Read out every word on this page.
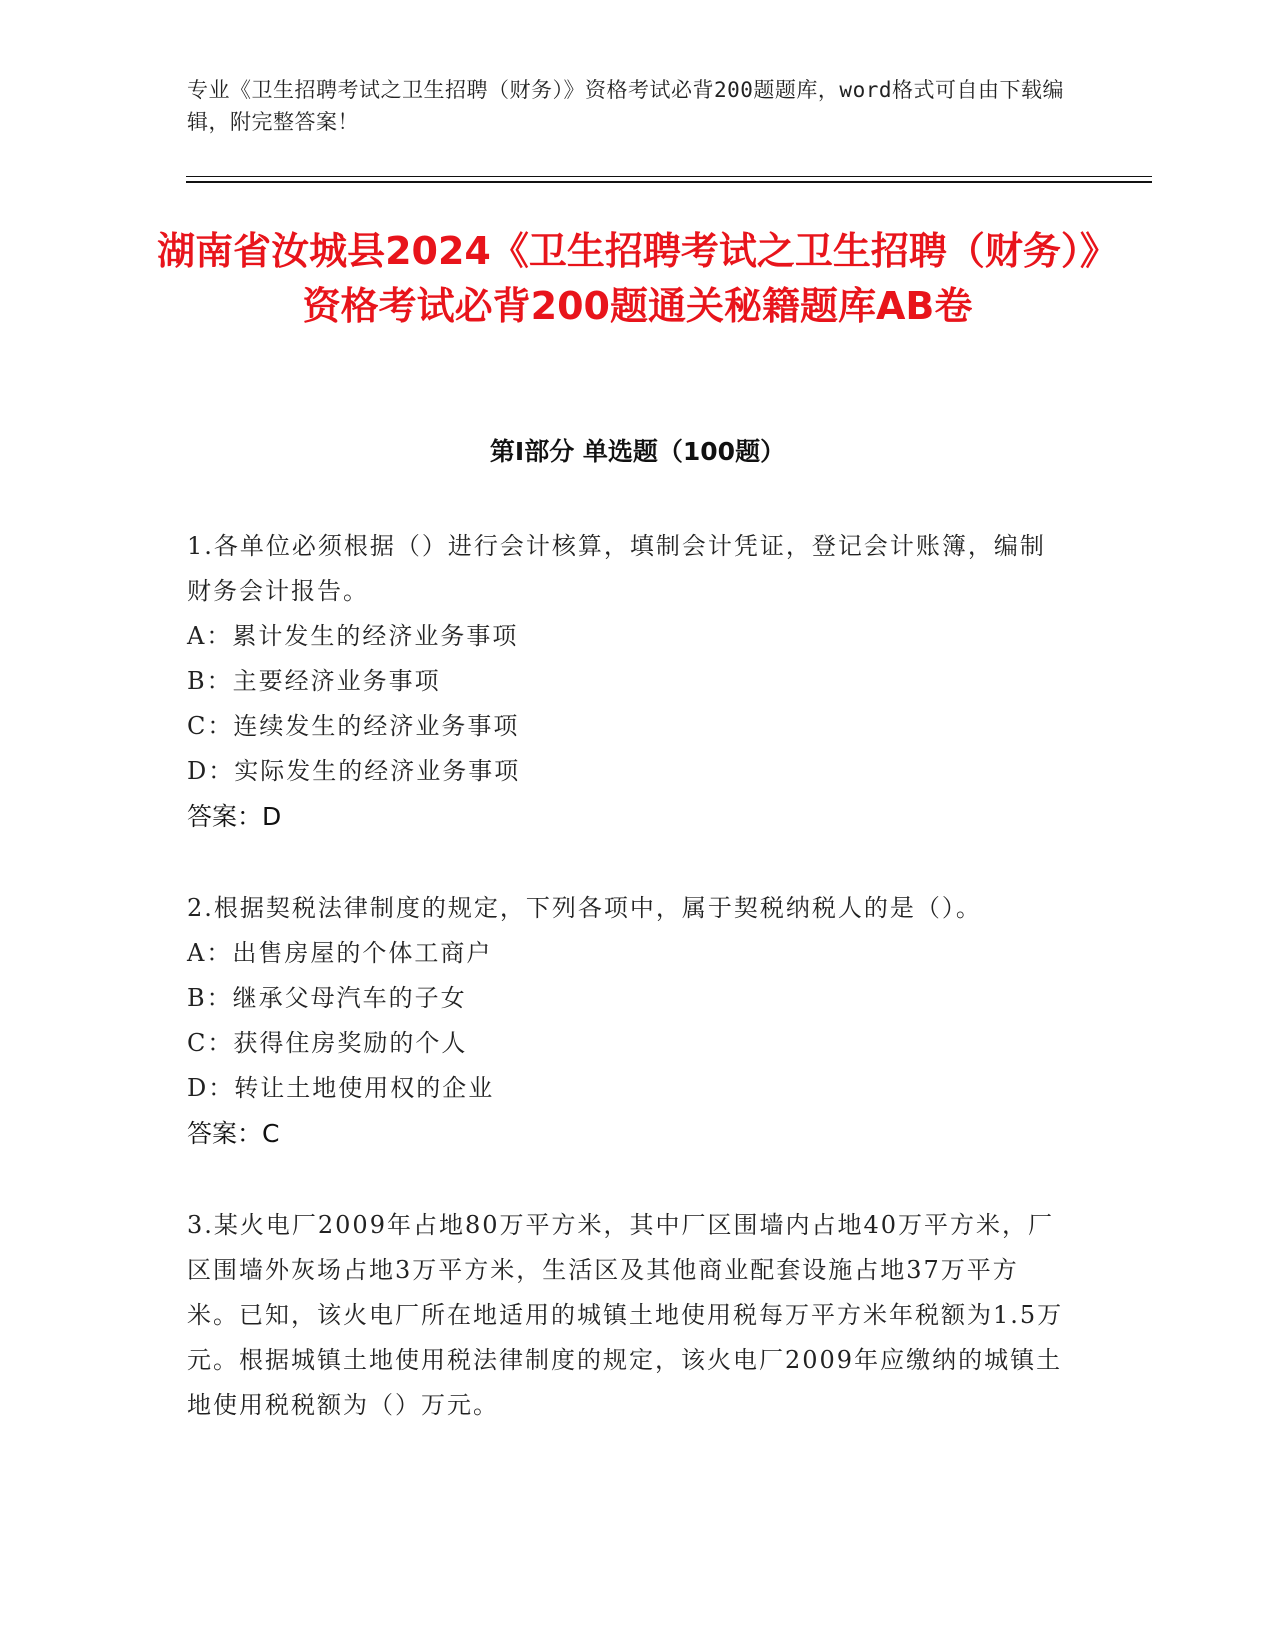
专业《卫生招聘考试之卫生招聘（财务）》资格考试必背200题题库，word格式可自由下载编辑，附完整答案！
湖南省汝城县2024《卫生招聘考试之卫生招聘（财务）》资格考试必背200题通关秘籍题库AB卷
第I部分 单选题（100题）
1.各单位必须根据（）进行会计核算，填制会计凭证，登记会计账簿，编制财务会计报告。
A：累计发生的经济业务事项
B：主要经济业务事项
C：连续发生的经济业务事项
D：实际发生的经济业务事项
答案：D
2.根据契税法律制度的规定，下列各项中，属于契税纳税人的是（）。
A：出售房屋的个体工商户
B：继承父母汽车的子女
C：获得住房奖励的个人
D：转让土地使用权的企业
答案：C
3.某火电厂2009年占地80万平方米，其中厂区围墙内占地40万平方米，厂区围墙外灰场占地3万平方米，生活区及其他商业配套设施占地37万平方米。已知，该火电厂所在地适用的城镇土地使用税每万平方米年税额为1.5万元。根据城镇土地使用税法律制度的规定，该火电厂2009年应缴纳的城镇土地使用税税额为（）万元。
